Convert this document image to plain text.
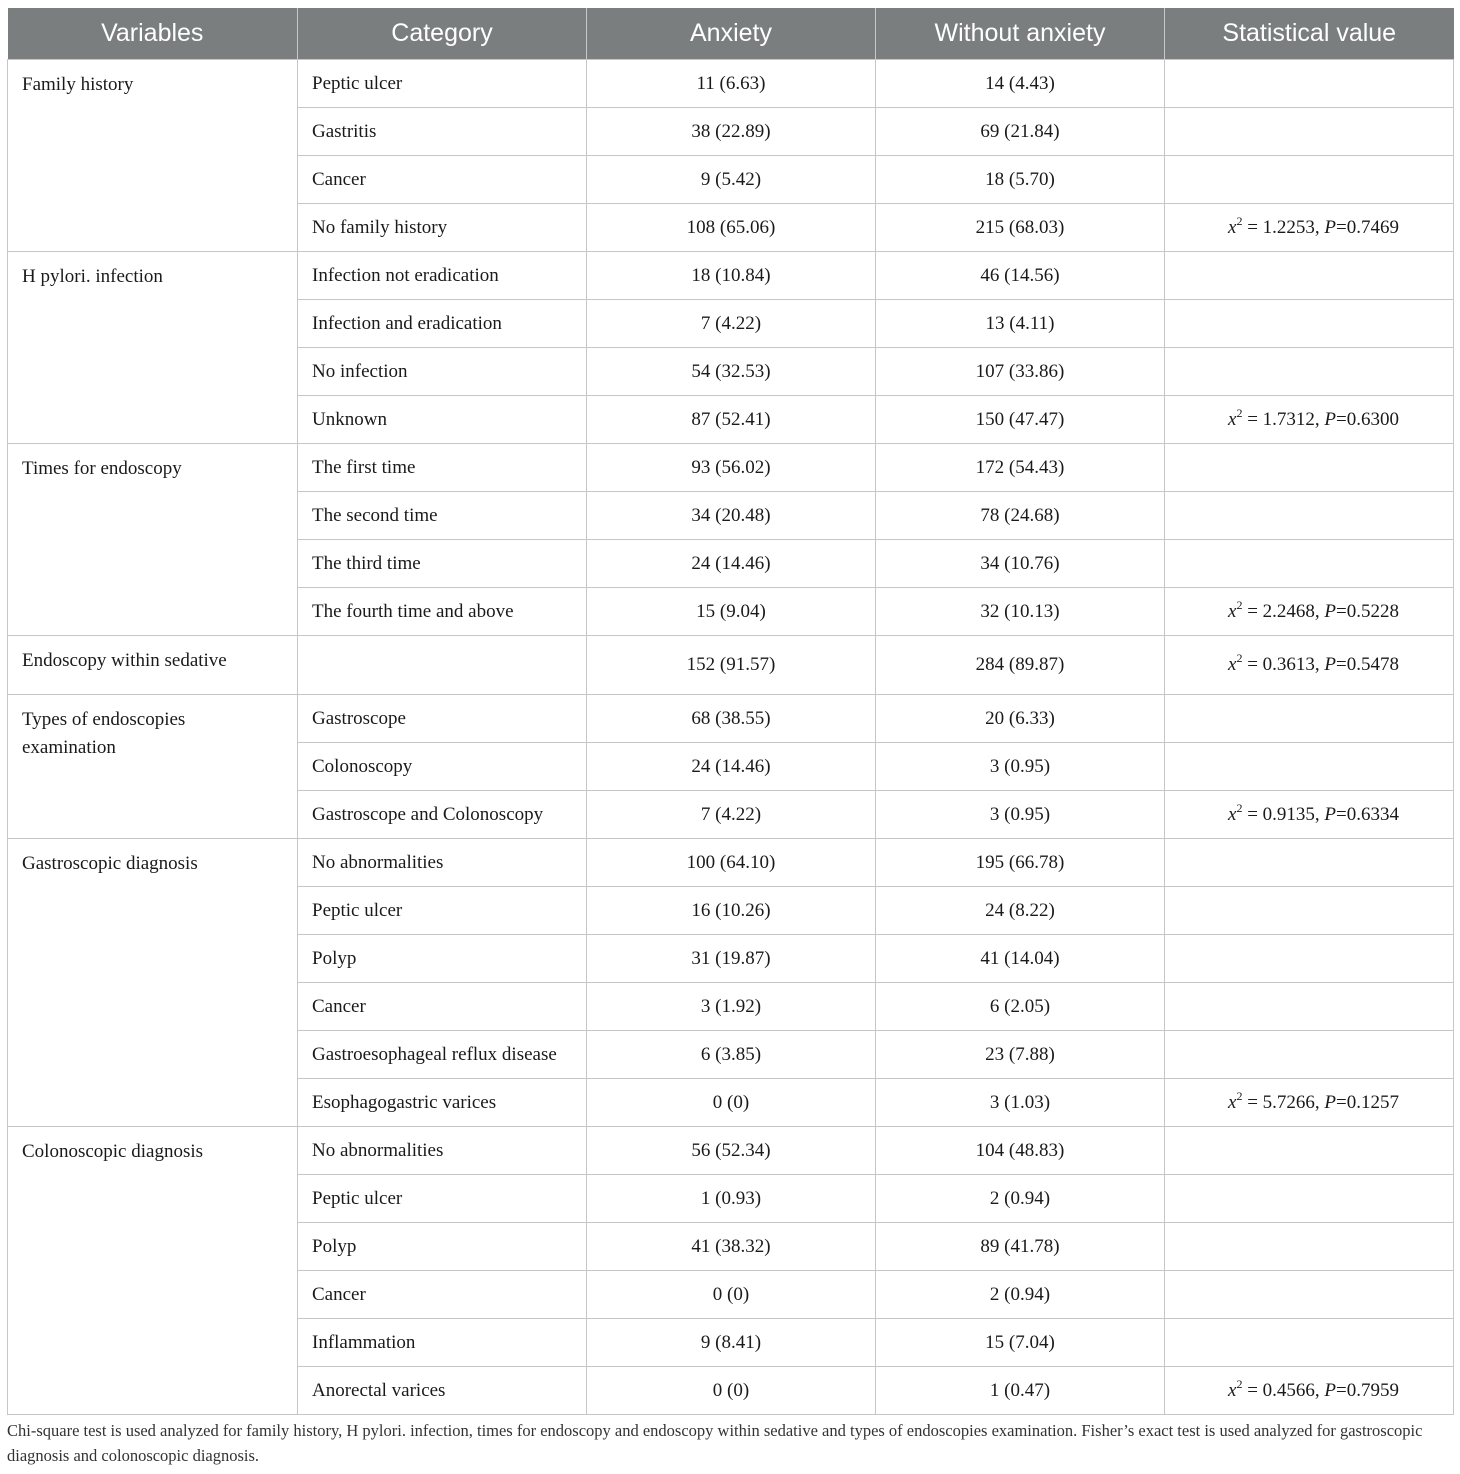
Variables	Category	Anxiety	Without anxiety	Statistical value
Family history	Peptic ulcer	11 (6.63)	14 (4.43)	
	Gastritis	38 (22.89)	69 (21.84)	
	Cancer	9 (5.42)	18 (5.70)	
	No family history	108 (65.06)	215 (68.03)	$x^2 = 1.2253$, P=0.7469
H pylori. infection	Infection not eradication	18 (10.84)	46 (14.56)	
	Infection and eradication	7 (4.22)	13 (4.11)	
	No infection	54 (32.53)	107 (33.86)	
	Unknown	87 (52.41)	150 (47.47)	$x^2 = 1.7312$, P=0.6300
Times for endoscopy	The first time	93 (56.02)	172 (54.43)	
	The second time	34 (20.48)	78 (24.68)	
	The third time	24 (14.46)	34 (10.76)	
	The fourth time and above	15 (9.04)	32 (10.13)	$x^2 = 2.2468$, P=0.5228
Endoscopy within sedative		152 (91.57)	284 (89.87)	$x^2 = 0.3613$, P=0.5478
Types of endoscopies examination	Gastroscope	68 (38.55)	20 (6.33)	
	Colonoscopy	24 (14.46)	3 (0.95)	
	Gastroscope and Colonoscopy	7 (4.22)	3 (0.95)	$x^2 = 0.9135$, P=0.6334
Gastroscopic diagnosis	No abnormalities	100 (64.10)	195 (66.78)	
	Peptic ulcer	16 (10.26)	24 (8.22)	
	Polyp	31 (19.87)	41 (14.04)	
	Cancer	3 (1.92)	6 (2.05)	
	Gastroesophageal reflux disease	6 (3.85)	23 (7.88)	
	Esophagogastric varices	0 (0)	3 (1.03)	$x^2 = 5.7266$, P=0.1257
Colonoscopic diagnosis	No abnormalities	56 (52.34)	104 (48.83)	
	Peptic ulcer	1 (0.93)	2 (0.94)	
	Polyp	41 (38.32)	89 (41.78)	
	Cancer	0 (0)	2 (0.94)	
	Inflammation	9 (8.41)	15 (7.04)	
	Anorectal varices	0 (0)	1 (0.47)	$x^2 = 0.4566$, P=0.7959
Chi-square test is used analyzed for family history, H pylori. infection, times for endoscopy and endoscopy within sedative and types of endoscopies examination. Fisher’s exact test is used analyzed for gastroscopic diagnosis and colonoscopic diagnosis.
